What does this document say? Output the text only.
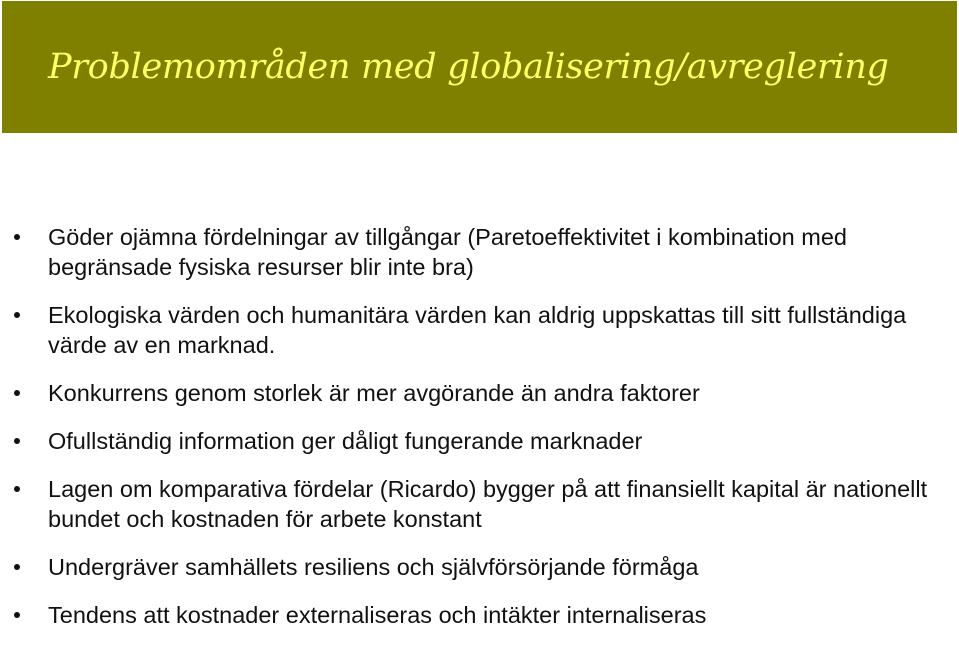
Problemområden med globalisering/avreglering
Göder ojämna fördelningar av tillgångar (Paretoeffektivitet i kombination med begränsade fysiska resurser blir inte bra)
Ekologiska värden och humanitära värden kan aldrig uppskattas till sitt fullständiga värde av en marknad.
Konkurrens genom storlek är mer avgörande än andra faktorer
Ofullständig information ger dåligt fungerande marknader
Lagen om komparativa fördelar (Ricardo) bygger på att finansiellt kapital är nationellt bundet och kostnaden för arbete konstant
Undergräver samhällets resiliens och självförsörjande förmåga
Tendens att kostnader externaliseras och intäkter internaliseras
